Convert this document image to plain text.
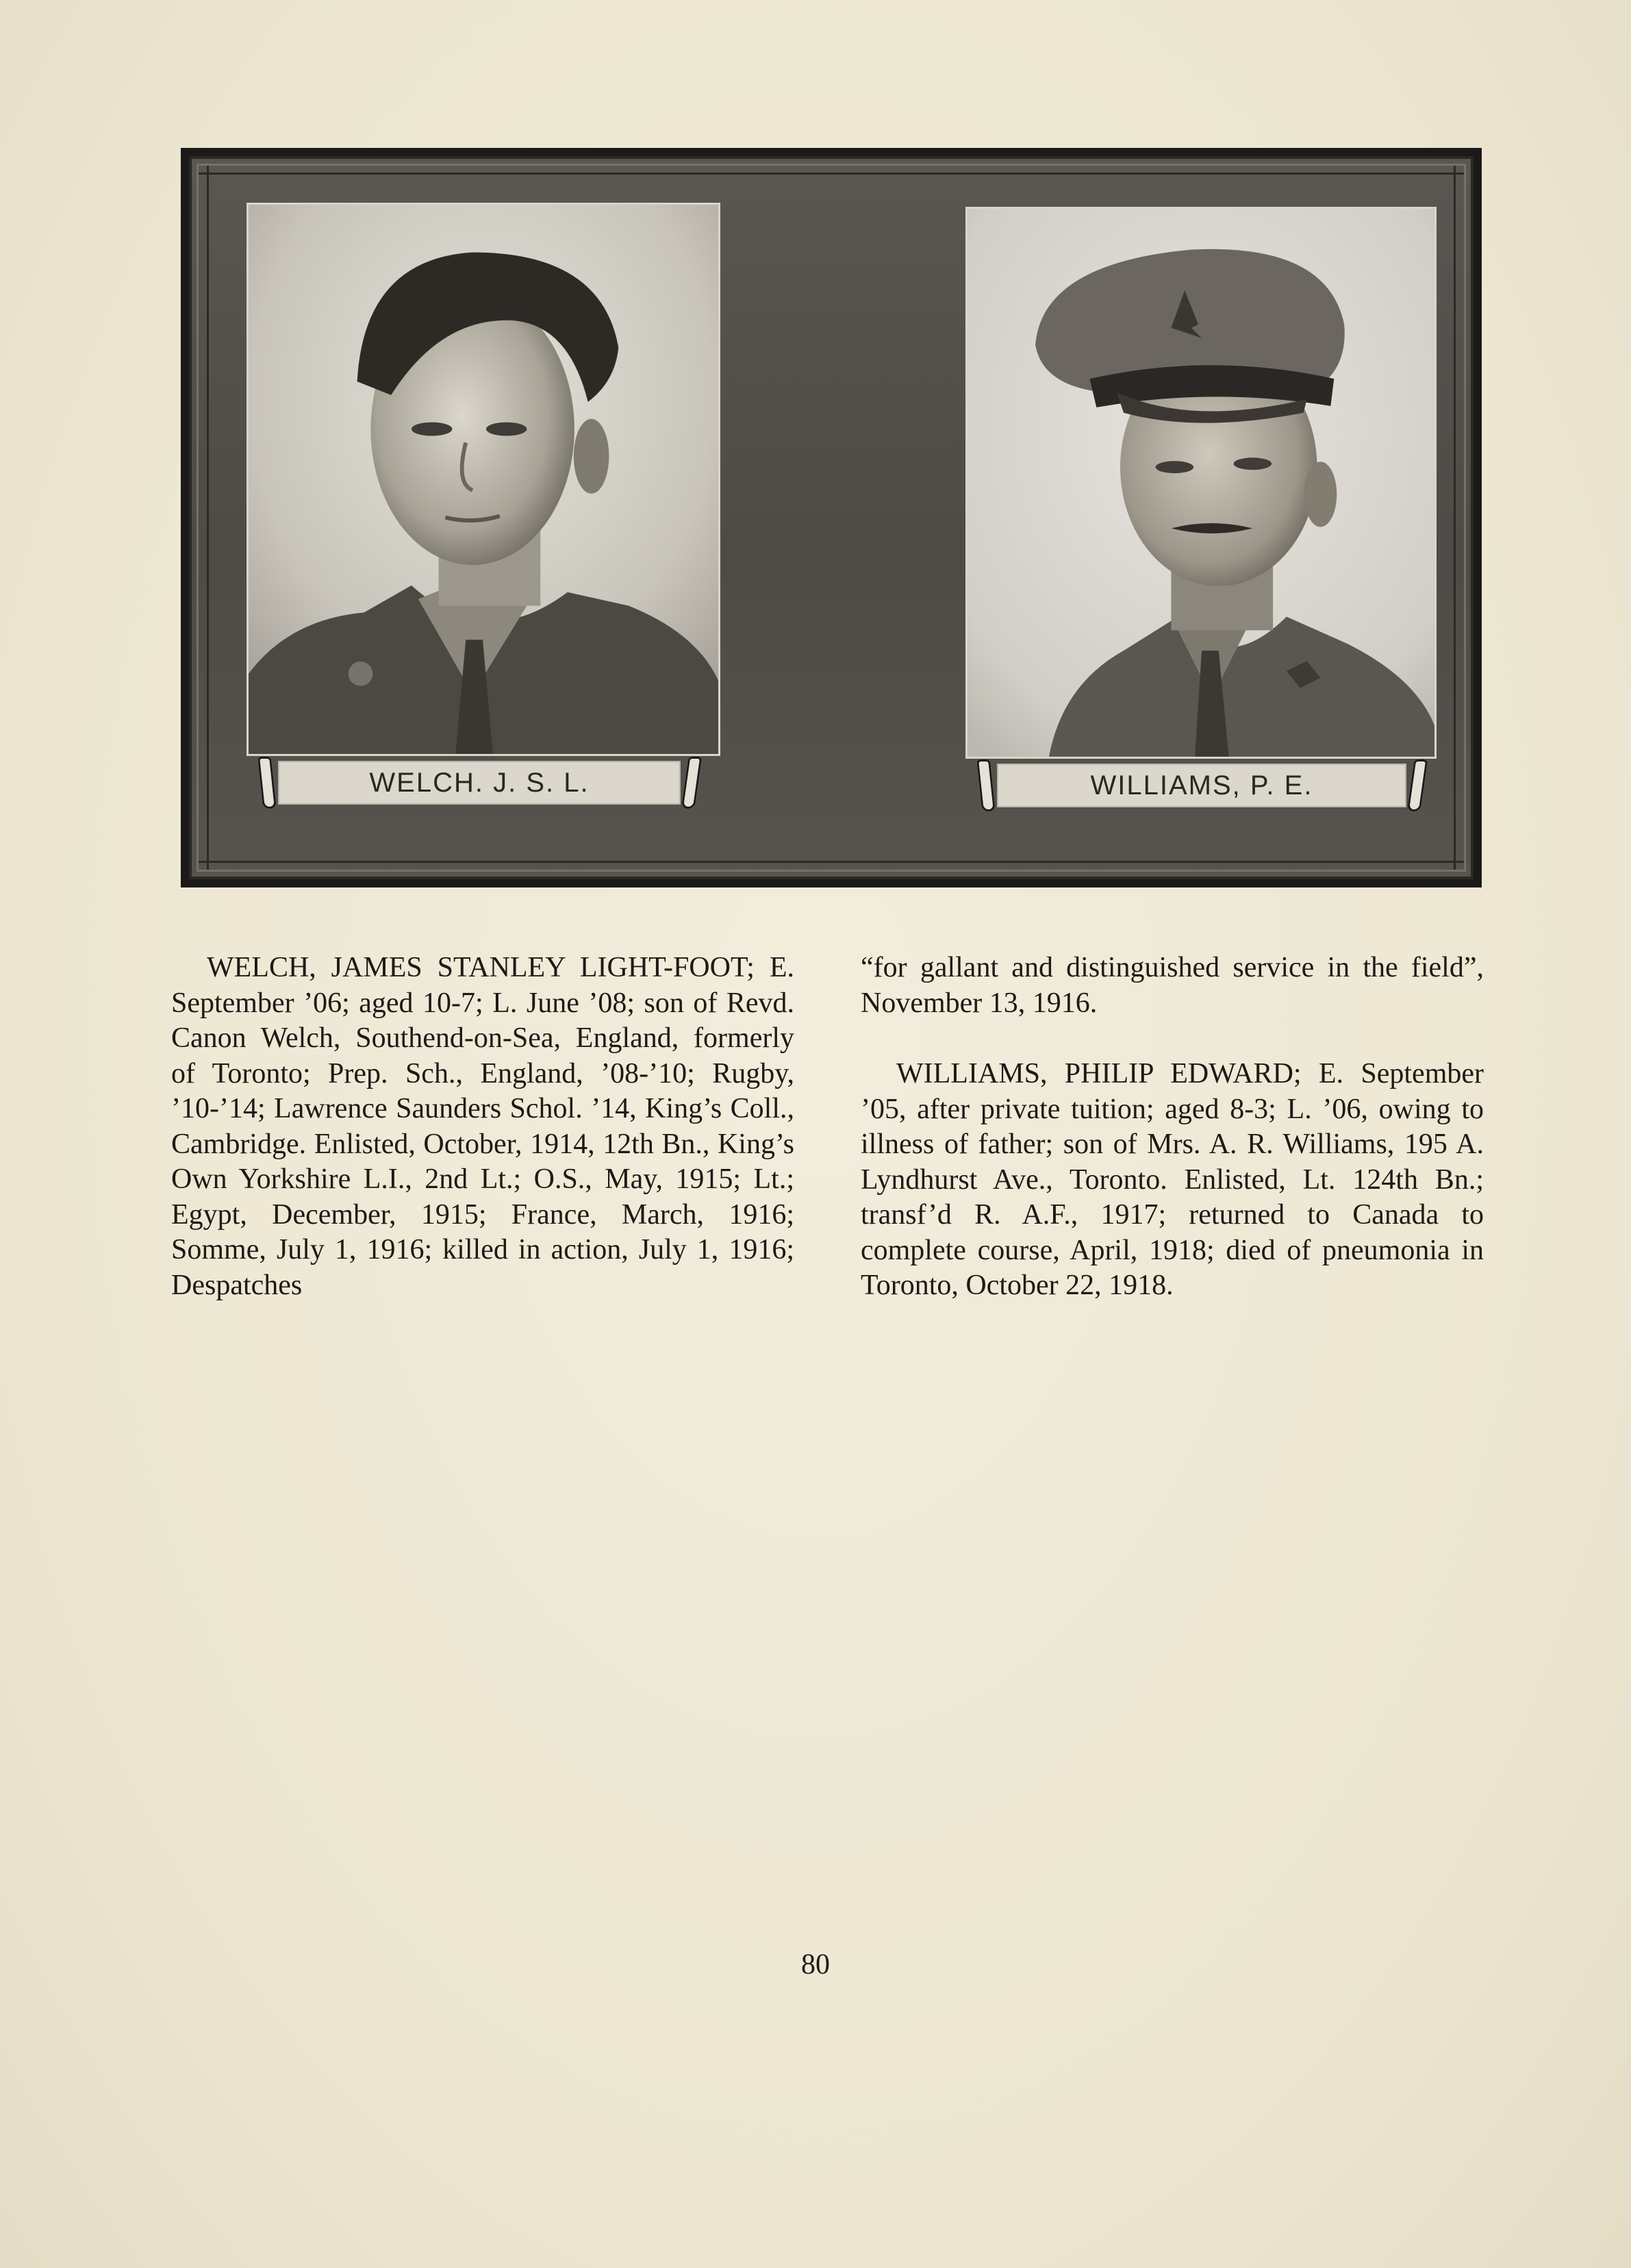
WELCH. J. S. L.	WILLIAMS, P. E.

WELCH, JAMES STANLEY LIGHT-FOOT; E. September ’06; aged 10-7; L. June ’08; son of Revd. Canon Welch, Southend-on-Sea, England, formerly of Toronto; Prep. Sch., England, ’08-’10; Rugby, ’10-’14; Lawrence Saunders Schol. ’14, King’s Coll., Cambridge. Enlisted, October, 1914, 12th Bn., King’s Own Yorkshire L.I., 2nd Lt.; O.S., May, 1915; Lt.; Egypt, December, 1915; France, March, 1916; Somme, July 1, 1916; killed in action, July 1, 1916; Despatches

“for gallant and distinguished service in the field”, November 13, 1916.

WILLIAMS, PHILIP EDWARD; E. September ’05, after private tuition; aged 8-3; L. ’06, owing to illness of father; son of Mrs. A. R. Williams, 195 A. Lyndhurst Ave., Toronto. Enlisted, Lt. 124th Bn.; transf’d R. A.F., 1917; returned to Canada to complete course, April, 1918; died of pneumonia in Toronto, October 22, 1918.

80
